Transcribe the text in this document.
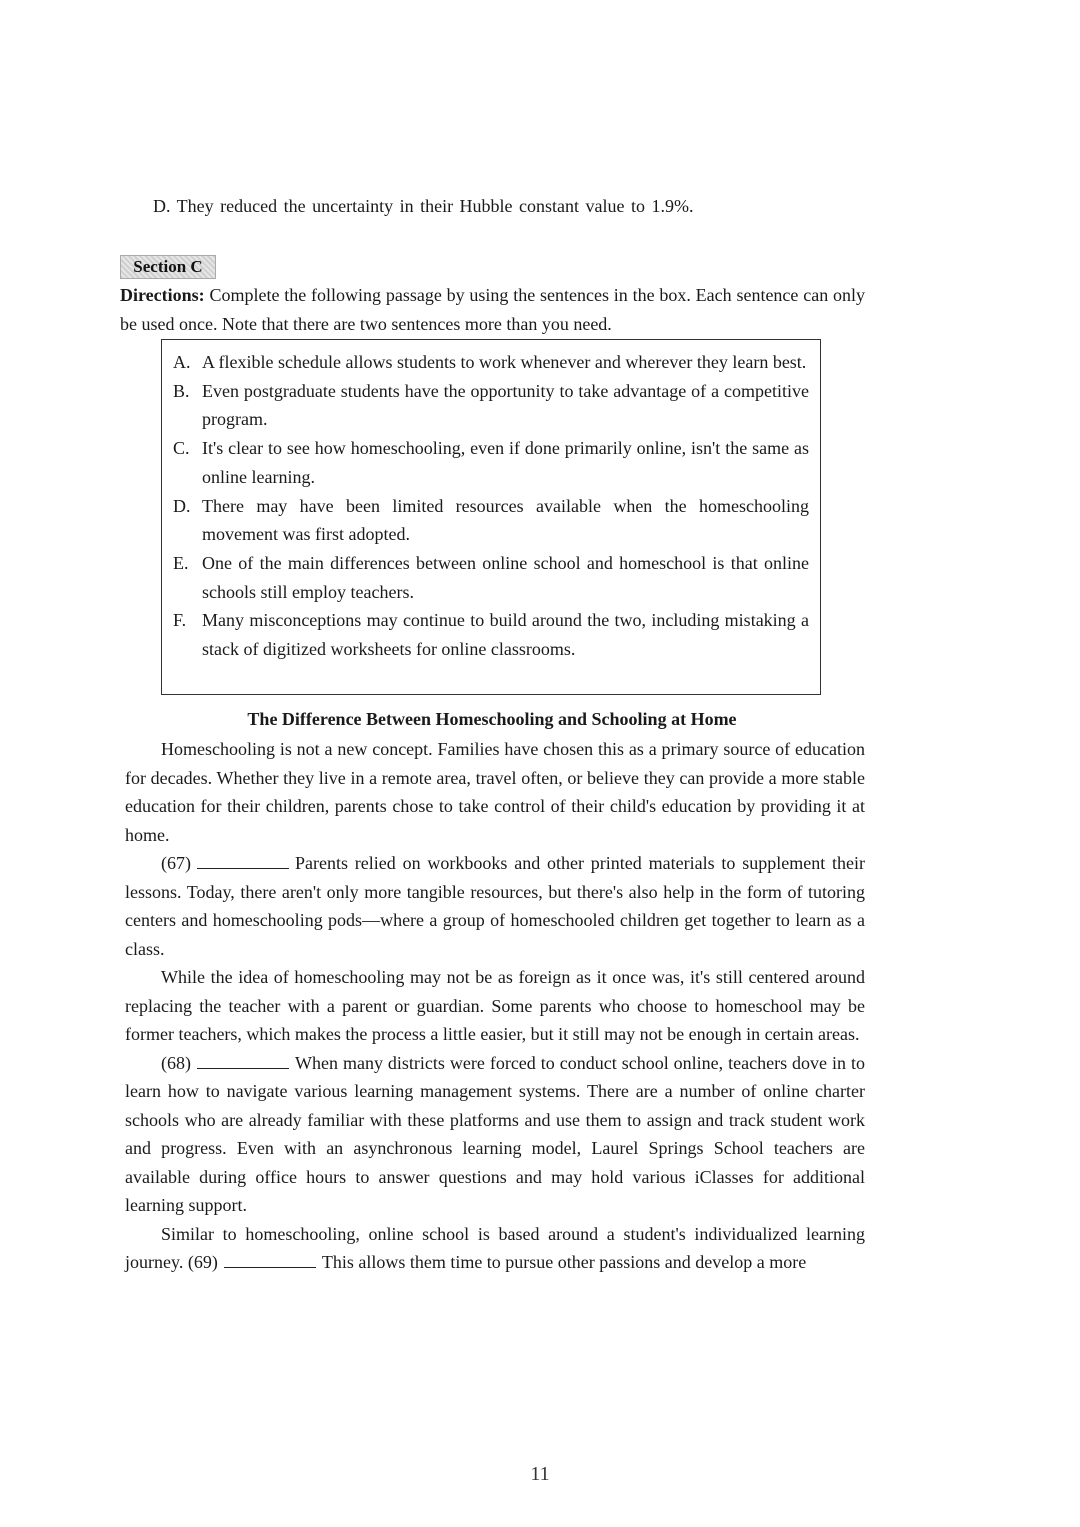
D. They reduced the uncertainty in their Hubble constant value to 1.9%.
Section C
Directions: Complete the following passage by using the sentences in the box. Each sentence can only be used once. Note that there are two sentences more than you need.
A. A flexible schedule allows students to work whenever and wherever they learn best.
B. Even postgraduate students have the opportunity to take advantage of a competitive program.
C. It's clear to see how homeschooling, even if done primarily online, isn't the same as online learning.
D. There may have been limited resources available when the homeschooling movement was first adopted.
E. One of the main differences between online school and homeschool is that online schools still employ teachers.
F. Many misconceptions may continue to build around the two, including mistaking a stack of digitized worksheets for online classrooms.
The Difference Between Homeschooling and Schooling at Home

Homeschooling is not a new concept. Families have chosen this as a primary source of education for decades. Whether they live in a remote area, travel often, or believe they can provide a more stable education for their children, parents chose to take control of their child's education by providing it at home.

(67)	Parents relied on workbooks and other printed materials to supplement their lessons. Today, there aren't only more tangible resources, but there's also help in the form of tutoring centers and homeschooling pods—where a group of homeschooled children get together to learn as a class.

While the idea of homeschooling may not be as foreign as it once was, it's still centered around replacing the teacher with a parent or guardian. Some parents who choose to homeschool may be former teachers, which makes the process a little easier, but it still may not be enough in certain areas.

(68)	When many districts were forced to conduct school online, teachers dove in to learn how to navigate various learning management systems. There are a number of online charter schools who are already familiar with these platforms and use them to assign and track student work and progress. Even with an asynchronous learning model, Laurel Springs School teachers are available during office hours to answer questions and may hold various iClasses for additional learning support.

Similar to homeschooling, online school is based around a student's individualized learning journey. (69)	This allows them time to pursue other passions and develop a more

11
